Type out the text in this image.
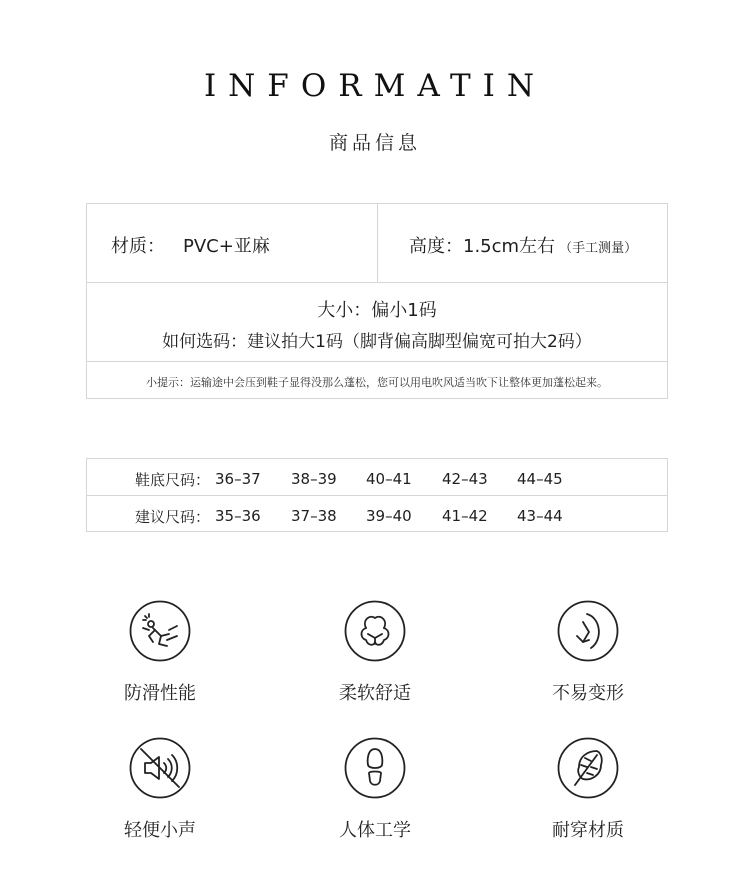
INFORMATIN
商品信息
材质： PVC+亚麻	高度：1.5cm左右 （手工测量）
大小：偏小1码
如何选码：建议拍大1码（脚背偏高脚型偏宽可拍大2码）
小提示：运输途中会压到鞋子显得没那么蓬松，您可以用电吹风适当吹下让整体更加蓬松起来。
鞋底尺码： 36–37 38–39 40–41 42–43 44–45
建议尺码： 35–36 37–38 39–40 41–42 43–44
防滑性能	柔软舒适	不易变形
轻便小声	人体工学	耐穿材质
